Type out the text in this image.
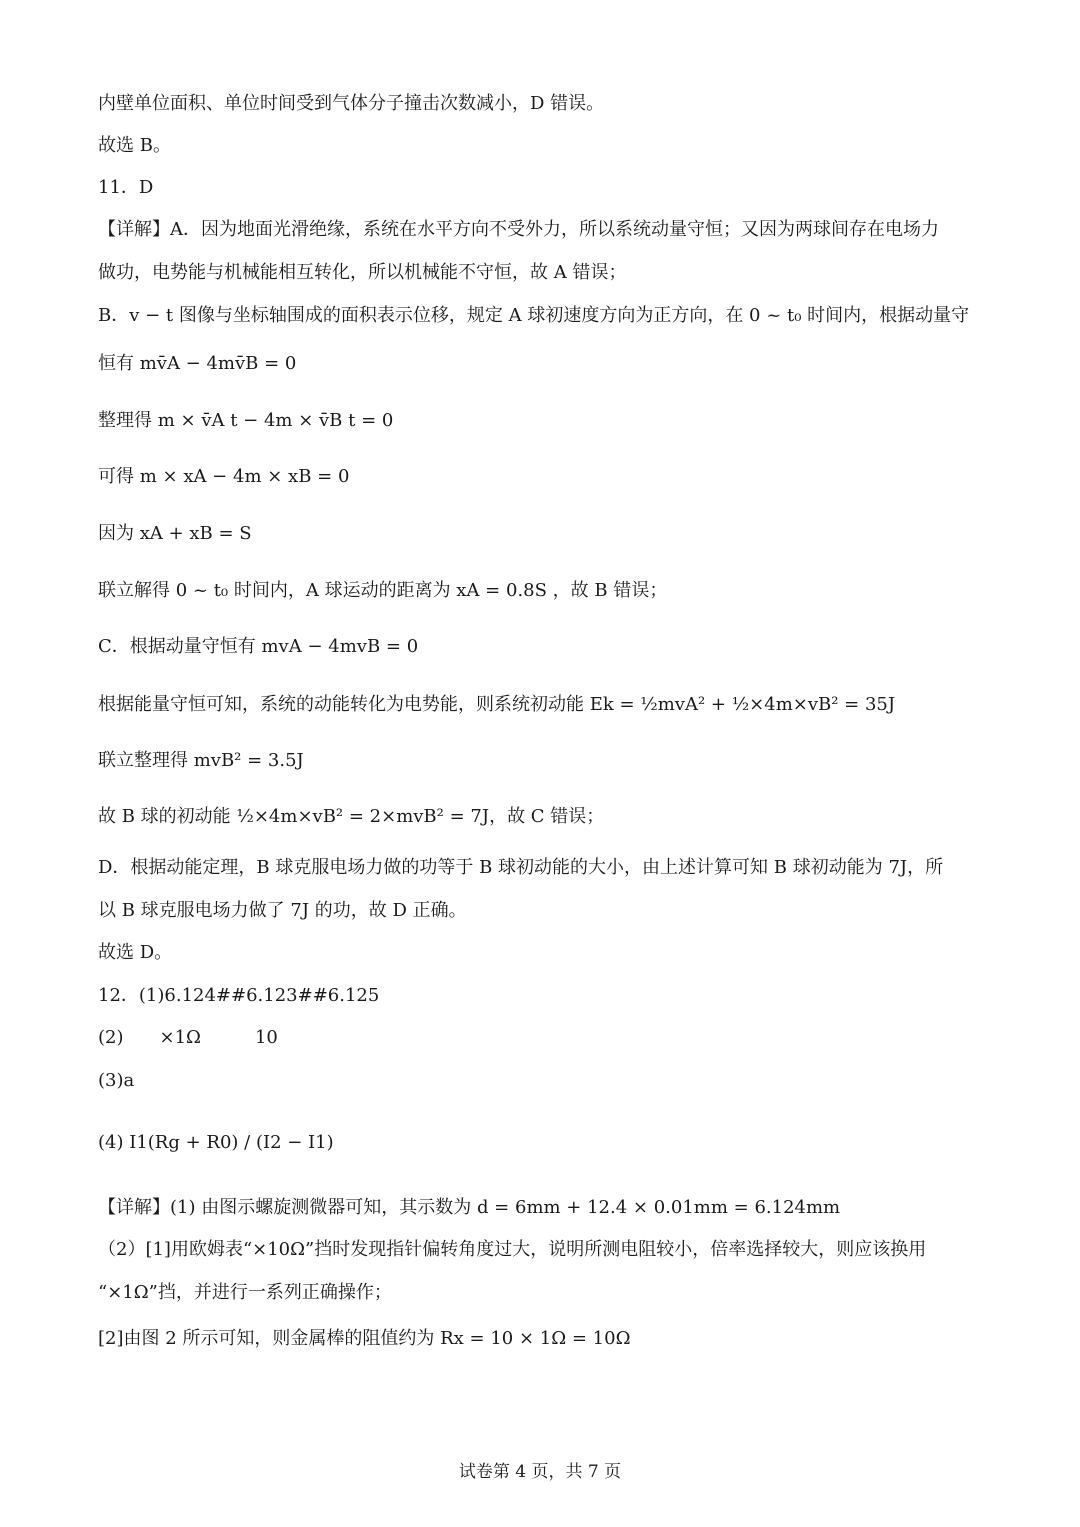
内壁单位面积、单位时间受到气体分子撞击次数减小，D 错误。
故选 B。
11．D
【详解】A．因为地面光滑绝缘，系统在水平方向不受外力，所以系统动量守恒；又因为两球间存在电场力
做功，电势能与机械能相互转化，所以机械能不守恒，故 A 错误；
B．v − t 图像与坐标轴围成的面积表示位移，规定 A 球初速度方向为正方向，在 0 ~ t₀ 时间内，根据动量守
恒有 mv̄A − 4mv̄B = 0
整理得 m × v̄A t − 4m × v̄B t = 0
可得 m × xA − 4m × xB = 0
因为 xA + xB = S
联立解得 0 ~ t₀ 时间内，A 球运动的距离为 xA = 0.8S ，故 B 错误；
C．根据动量守恒有 mvA − 4mvB = 0
根据能量守恒可知，系统的动能转化为电势能，则系统初动能 Ek = ½mvA² + ½×4m×vB² = 35J
联立整理得 mvB² = 3.5J
故 B 球的初动能 ½×4m×vB² = 2×mvB² = 7J，故 C 错误；
D．根据动能定理，B 球克服电场力做的功等于 B 球初动能的大小，由上述计算可知 B 球初动能为 7J，所
以 B 球克服电场力做了 7J 的功，故 D 正确。
故选 D。
12．(1)6.124##6.123##6.125
(2)　　×1Ω　　　10
(3)a
(4) I1(Rg + R0) / (I2 − I1)
【详解】(1) 由图示螺旋测微器可知，其示数为 d = 6mm + 12.4 × 0.01mm = 6.124mm
（2）[1]用欧姆表“×10Ω”挡时发现指针偏转角度过大，说明所测电阻较小，倍率选择较大，则应该换用
“×1Ω”挡，并进行一系列正确操作；
[2]由图 2 所示可知，则金属棒的阻值约为 Rx = 10 × 1Ω = 10Ω
试卷第 4 页，共 7 页
